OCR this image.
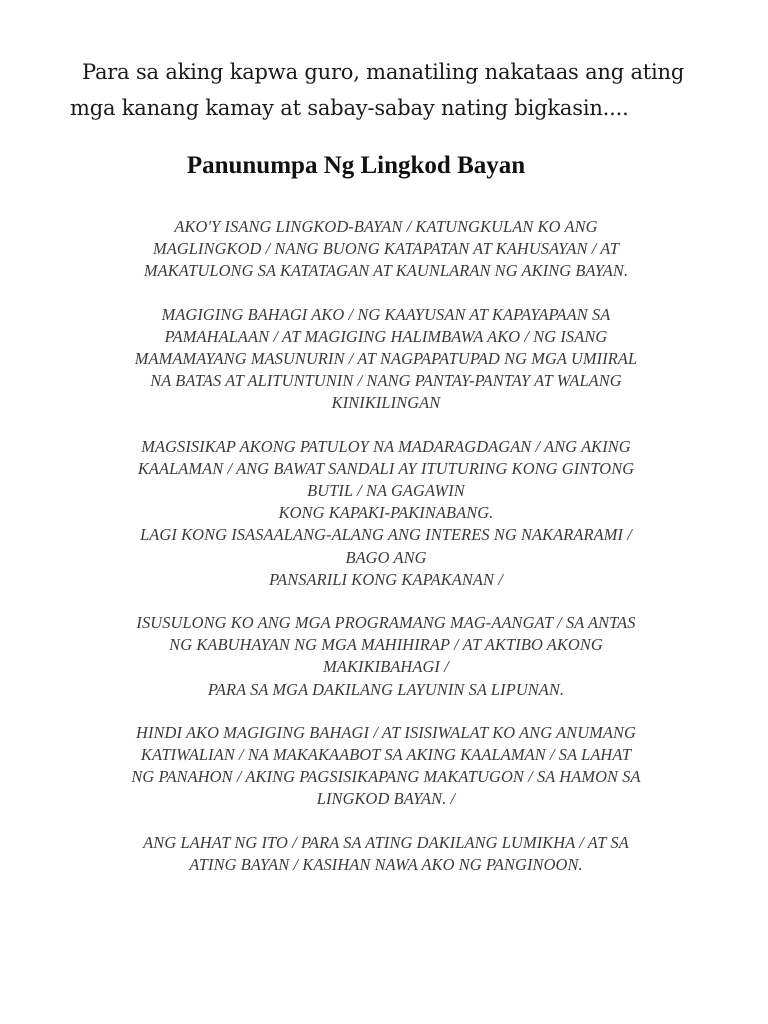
Para sa aking kapwa guro, manatiling nakataas ang ating
mga kanang kamay at sabay-sabay nating bigkasin....
Panunumpa Ng Lingkod Bayan
AKO'Y ISANG LINGKOD-BAYAN / KATUNGKULAN KO ANG
MAGLINGKOD / NANG BUONG KATAPATAN AT KAHUSAYAN / AT
MAKATULONG SA KATATAGAN AT KAUNLARAN NG AKING BAYAN.
MAGIGING BAHAGI AKO / NG KAAYUSAN AT KAPAYAPAAN SA
PAMAHALAAN / AT MAGIGING HALIMBAWA AKO / NG ISANG
MAMAMAYANG MASUNURIN / AT NAGPAPATUPAD NG MGA UMIIRAL
NA BATAS AT ALITUNTUNIN / NANG PANTAY-PANTAY AT WALANG
KINIKILINGAN
MAGSISIKAP AKONG PATULOY NA MADARAGDAGAN / ANG AKING
KAALAMAN / ANG BAWAT SANDALI AY ITUTURING KONG GINTONG
BUTIL / NA GAGAWIN
KONG KAPAKI-PAKINABANG.
LAGI KONG ISASAALANG-ALANG ANG INTERES NG NAKARARAMI /
BAGO ANG
PANSARILI KONG KAPAKANAN /
ISUSULONG KO ANG MGA PROGRAMANG MAG-AANGAT / SA ANTAS
NG KABUHAYAN NG MGA MAHIHIRAP / AT AKTIBO AKONG
MAKIKIBAHAGI /
PARA SA MGA DAKILANG LAYUNIN SA LIPUNAN.
HINDI AKO MAGIGING BAHAGI / AT ISISIWALAT KO ANG ANUMANG
KATIWALIAN / NA MAKAKAABOT SA AKING KAALAMAN / SA LAHAT
NG PANAHON / AKING PAGSISIKAPANG MAKATUGON / SA HAMON SA
LINGKOD BAYAN. /
ANG LAHAT NG ITO / PARA SA ATING DAKILANG LUMIKHA / AT SA
ATING BAYAN / KASIHAN NAWA AKO NG PANGINOON.
